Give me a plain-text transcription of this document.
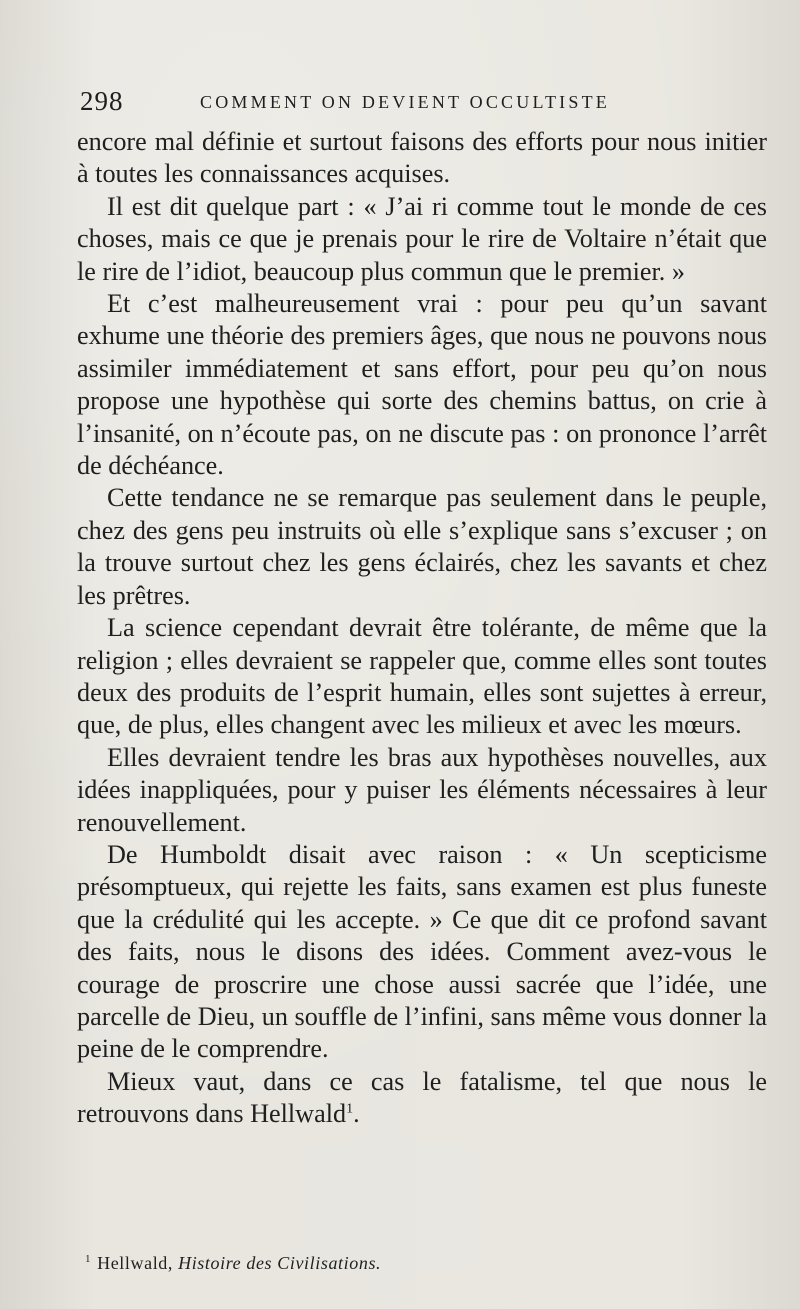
298	COMMENT ON DEVIENT OCCULTISTE

encore mal définie et surtout faisons des efforts pour nous initier à toutes les connaissances acquises.

Il est dit quelque part : « J’ai ri comme tout le monde de ces choses, mais ce que je prenais pour le rire de Voltaire n’était que le rire de l’idiot, beaucoup plus commun que le premier. »

Et c’est malheureusement vrai : pour peu qu’un savant exhume une théorie des premiers âges, que nous ne pouvons nous assimiler immédiatement et sans effort, pour peu qu’on nous propose une hypothèse qui sorte des chemins battus, on crie à l’insanité, on n’écoute pas, on ne discute pas : on prononce l’arrêt de déchéance.

Cette tendance ne se remarque pas seulement dans le peuple, chez des gens peu instruits où elle s’explique sans s’excuser ; on la trouve surtout chez les gens éclairés, chez les savants et chez les prêtres.

La science cependant devrait être tolérante, de même que la religion ; elles devraient se rappeler que, comme elles sont toutes deux des produits de l’esprit humain, elles sont sujettes à erreur, que, de plus, elles changent avec les milieux et avec les mœurs.

Elles devraient tendre les bras aux hypothèses nouvelles, aux idées inappliquées, pour y puiser les éléments nécessaires à leur renouvellement.

De Humboldt disait avec raison : « Un scepticisme présomptueux, qui rejette les faits, sans examen est plus funeste que la crédulité qui les accepte. » Ce que dit ce profond savant des faits, nous le disons des idées. Comment avez-vous le courage de proscrire une chose aussi sacrée que l’idée, une parcelle de Dieu, un souffle de l’infini, sans même vous donner la peine de le comprendre.

Mieux vaut, dans ce cas le fatalisme, tel que nous le retrouvons dans Hellwald$^1$.

$^1$ Hellwald, Histoire des Civilisations.
